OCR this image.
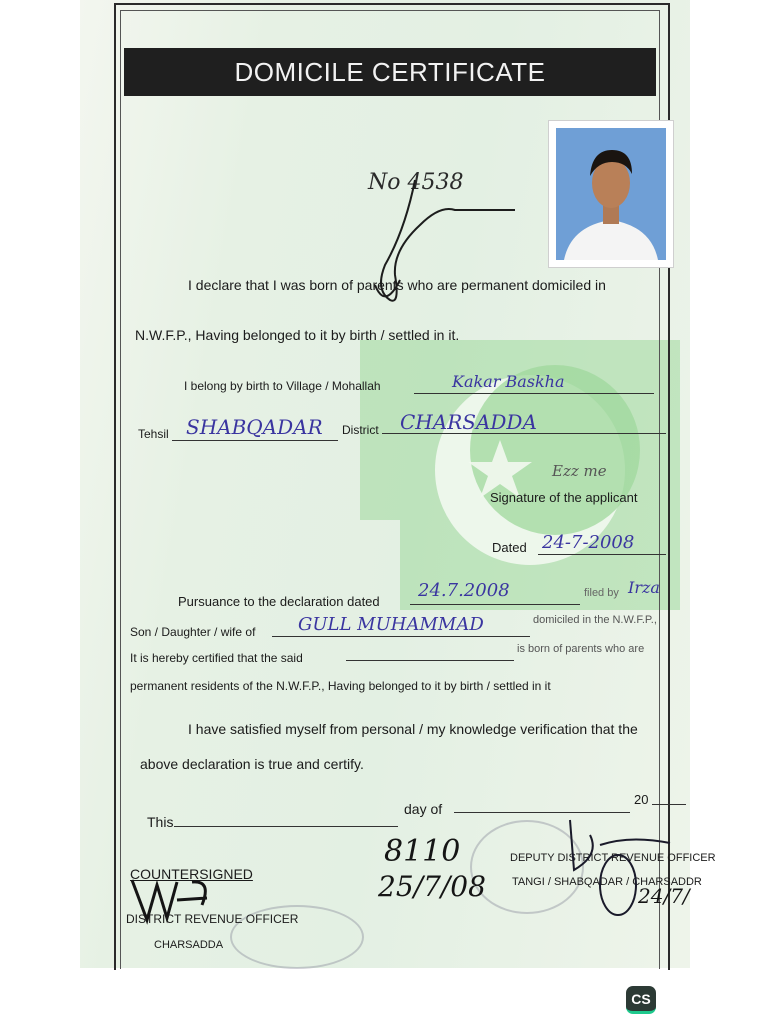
DOMICILE CERTIFICATE
No 4538
I declare that I was born of parents who are permanent domiciled in
N.W.F.P., Having belonged to it by birth / settled in it.
I belong by birth to Village / Mohallah	Kakar Baskha
Tehsil SHABQADAR District CHARSADDA
Ezz me
Signature of the applicant
Dated 24-7-2008
Pursuance to the declaration dated
24.7.2008	filed by Irza
Son / Daughter / wife of GULL MUHAMMAD	domiciled in the N.W.F.P.,
It is hereby certified that the said
is born of parents who are
permanent residents of the N.W.F.P., Having belonged to it by birth / settled in it
I have satisfied myself from personal / my knowledge verification that the
above declaration is true and certify.
This
day of
20
COUNTERSIGNED
DISTRICT REVENUE OFFICER
CHARSADDA
8110
25/7/08
DEPUTY DISTRICT REVENUE OFFICER
TANGI / SHABQADAR / CHARSADDR
24/7/
CS
